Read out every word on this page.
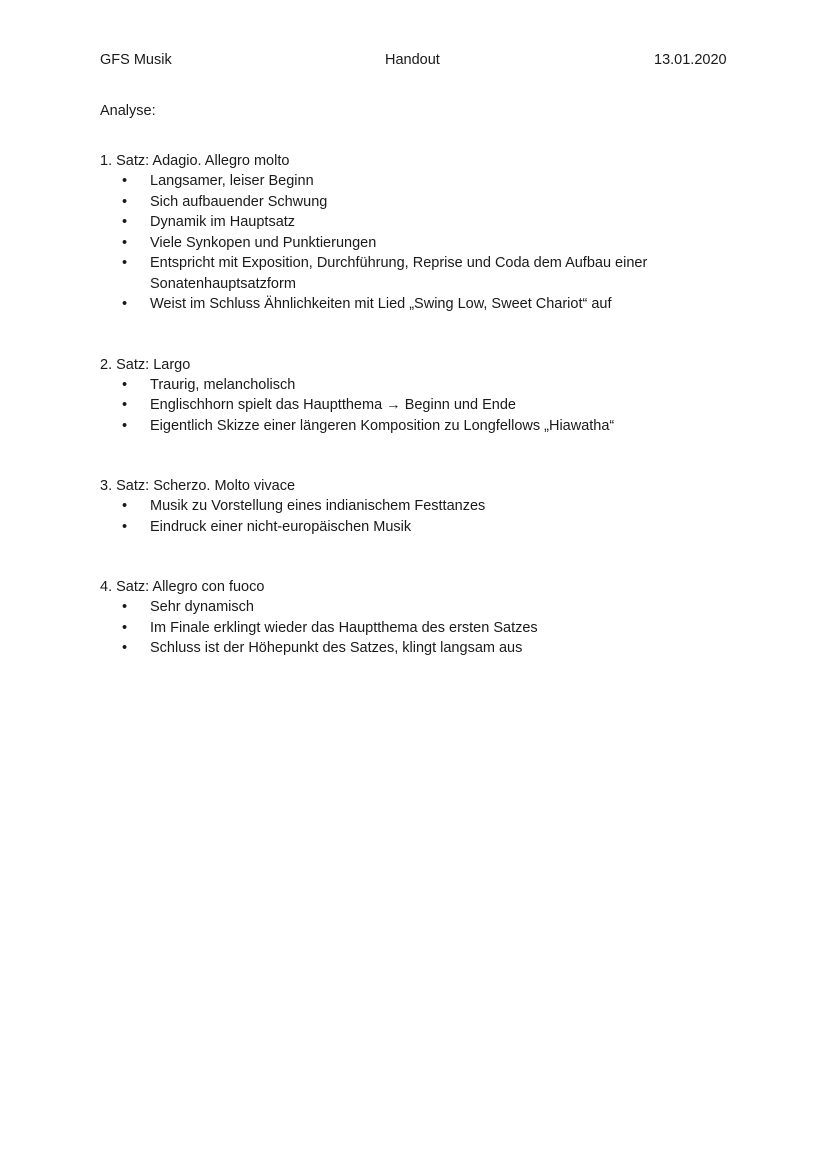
GFS Musik	Handout	13.01.2020
Analyse:
1. Satz: Adagio. Allegro molto
• Langsamer, leiser Beginn
• Sich aufbauender Schwung
• Dynamik im Hauptsatz
• Viele Synkopen und Punktierungen
• Entspricht mit Exposition, Durchführung, Reprise und Coda dem Aufbau einer Sonatenhauptsatzform
• Weist im Schluss Ähnlichkeiten mit Lied „Swing Low, Sweet Chariot“ auf
2. Satz: Largo
• Traurig, melancholisch
• Englischhorn spielt das Hauptthema → Beginn und Ende
• Eigentlich Skizze einer längeren Komposition zu Longfellows „Hiawatha“
3. Satz: Scherzo. Molto vivace
• Musik zu Vorstellung eines indianischem Festtanzes
• Eindruck einer nicht-europäischen Musik
4. Satz: Allegro con fuoco
• Sehr dynamisch
• Im Finale erklingt wieder das Hauptthema des ersten Satzes
• Schluss ist der Höhepunkt des Satzes, klingt langsam aus
